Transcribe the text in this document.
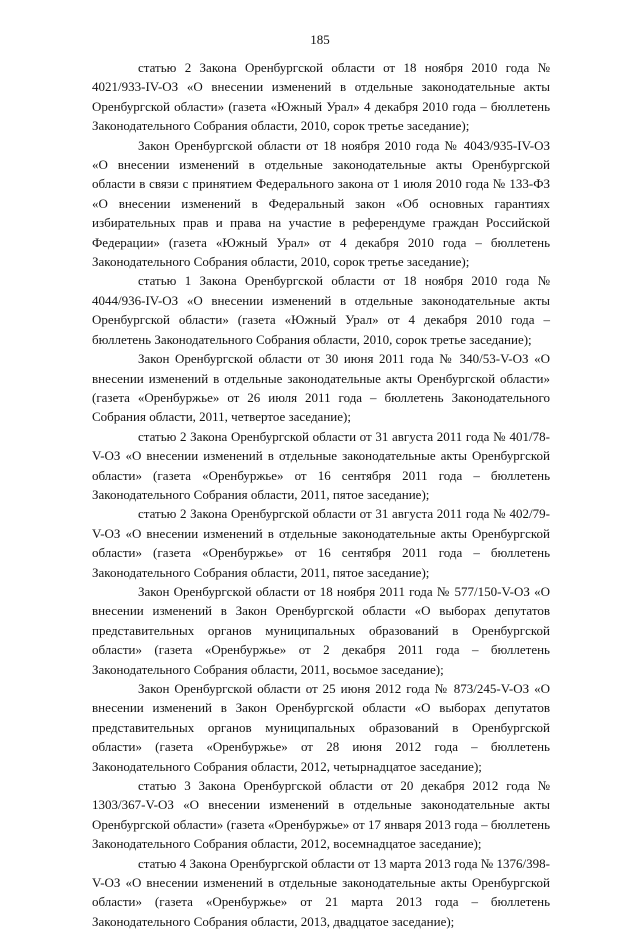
185

статью 2 Закона Оренбургской области от 18 ноября 2010 года № 4021/933-IV-ОЗ «О внесении изменений в отдельные законодательные акты Оренбургской области» (газета «Южный Урал» 4 декабря 2010 года – бюллетень Законодательного Собрания области, 2010, сорок третье заседание);

Закон Оренбургской области от 18 ноября 2010 года № 4043/935-IV-ОЗ «О внесении изменений в отдельные законодательные акты Оренбургской области в связи с принятием Федерального закона от 1 июля 2010 года № 133-ФЗ «О внесении изменений в Федеральный закон «Об основных гарантиях избирательных прав и права на участие в референдуме граждан Российской Федерации» (газета «Южный Урал» от 4 декабря 2010 года – бюллетень Законодательного Собрания области, 2010, сорок третье заседание);

статью 1 Закона Оренбургской области от 18 ноября 2010 года № 4044/936-IV-ОЗ «О внесении изменений в отдельные законодательные акты Оренбургской области» (газета «Южный Урал» от 4 декабря 2010 года – бюллетень Законодательного Собрания области, 2010, сорок третье заседание);

Закон Оренбургской области от 30 июня 2011 года № 340/53-V-ОЗ «О внесении изменений в отдельные законодательные акты Оренбургской области» (газета «Оренбуржье» от 26 июля 2011 года – бюллетень Законодательного Собрания области, 2011, четвертое заседание);

статью 2 Закона Оренбургской области от 31 августа 2011 года № 401/78-V-ОЗ «О внесении изменений в отдельные законодательные акты Оренбургской области» (газета «Оренбуржье» от 16 сентября 2011 года – бюллетень Законодательного Собрания области, 2011, пятое заседание);

статью 2 Закона Оренбургской области от 31 августа 2011 года № 402/79-V-ОЗ «О внесении изменений в отдельные законодательные акты Оренбургской области» (газета «Оренбуржье» от 16 сентября 2011 года – бюллетень Законодательного Собрания области, 2011, пятое заседание);

Закон Оренбургской области от 18 ноября 2011 года № 577/150-V-ОЗ «О внесении изменений в Закон Оренбургской области «О выборах депутатов представительных органов муниципальных образований в Оренбургской области» (газета «Оренбуржье» от 2 декабря 2011 года – бюллетень Законодательного Собрания области, 2011, восьмое заседание);

Закон Оренбургской области от 25 июня 2012 года № 873/245-V-ОЗ «О внесении изменений в Закон Оренбургской области «О выборах депутатов представительных органов муниципальных образований в Оренбургской области» (газета «Оренбуржье» от 28 июня 2012 года – бюллетень Законодательного Собрания области, 2012, четырнадцатое заседание);

статью 3 Закона Оренбургской области от 20 декабря 2012 года № 1303/367-V-ОЗ «О внесении изменений в отдельные законодательные акты Оренбургской области» (газета «Оренбуржье» от 17 января 2013 года – бюллетень Законодательного Собрания области, 2012, восемнадцатое заседание);

статью 4 Закона Оренбургской области от 13 марта 2013 года № 1376/398-V-ОЗ «О внесении изменений в отдельные законодательные акты Оренбургской области» (газета «Оренбуржье» от 21 марта 2013 года – бюллетень Законодательного Собрания области, 2013, двадцатое заседание);
